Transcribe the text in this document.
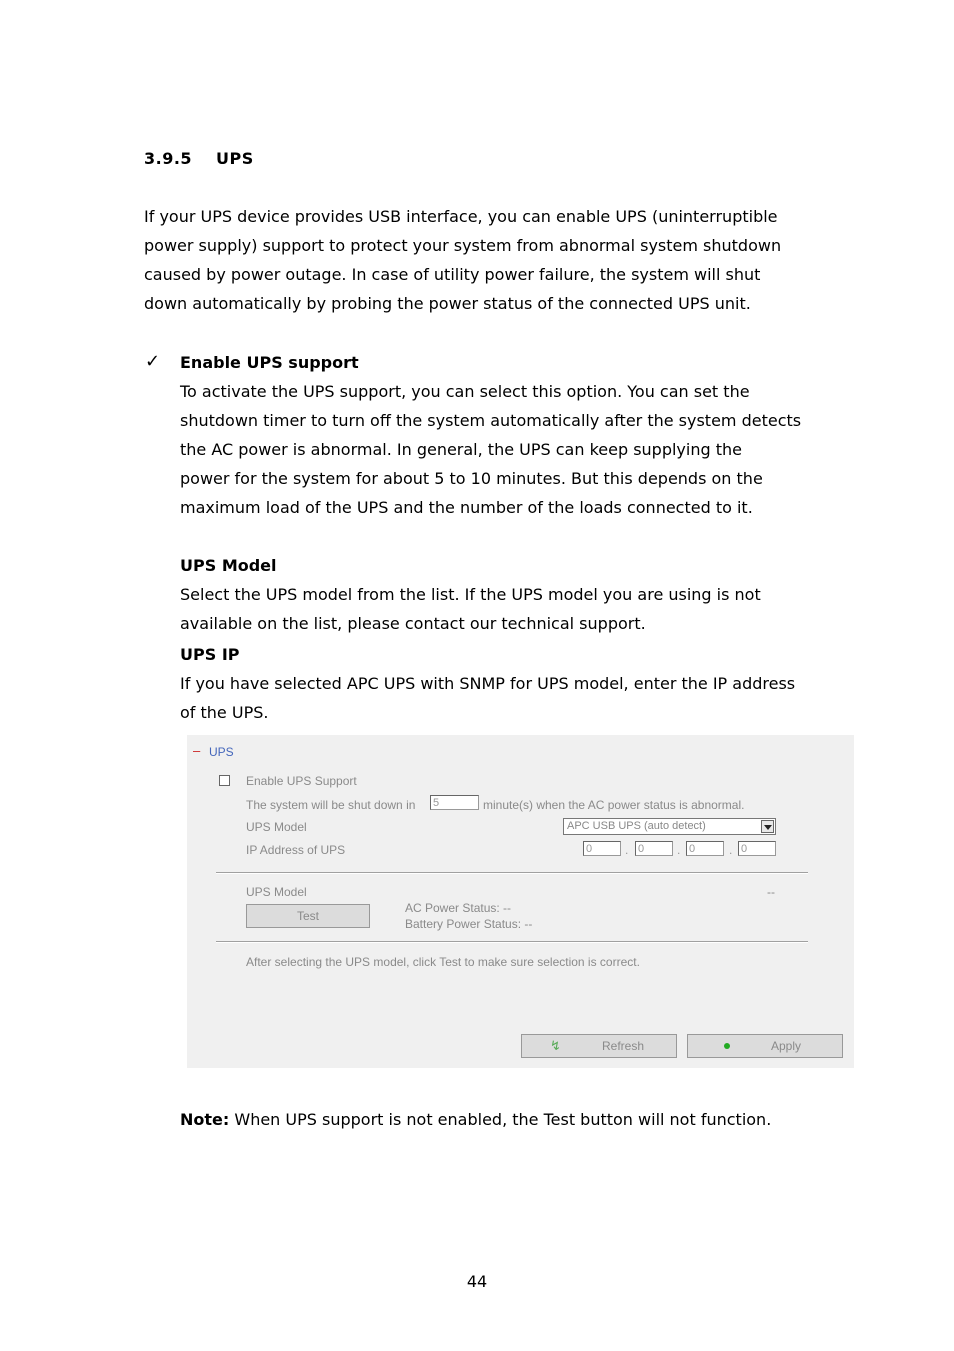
3.9.5 UPS
If your UPS device provides USB interface, you can enable UPS (uninterruptible
power supply) support to protect your system from abnormal system shutdown
caused by power outage. In case of utility power failure, the system will shut
down automatically by probing the power status of the connected UPS unit.
✓ Enable UPS support
To activate the UPS support, you can select this option. You can set the
shutdown timer to turn off the system automatically after the system detects
the AC power is abnormal. In general, the UPS can keep supplying the
power for the system for about 5 to 10 minutes. But this depends on the
maximum load of the UPS and the number of the loads connected to it.
UPS Model
Select the UPS model from the list. If the UPS model you are using is not
available on the list, please contact our technical support.
UPS IP
If you have selected APC UPS with SNMP for UPS model, enter the IP address
of the UPS.
– UPS
Enable UPS Support
The system will be shut down in 5	minute(s) when the AC power status is abnormal.
UPS Model	APC USB UPS (auto detect)
IP Address of UPS	0	. 0	. 0	. 0
UPS Model	--
Test
AC Power Status: --
Battery Power Status: --
After selecting the UPS model, click Test to make sure selection is correct.
↯	Refresh	Apply
Note: When UPS support is not enabled, the Test button will not function.
44
